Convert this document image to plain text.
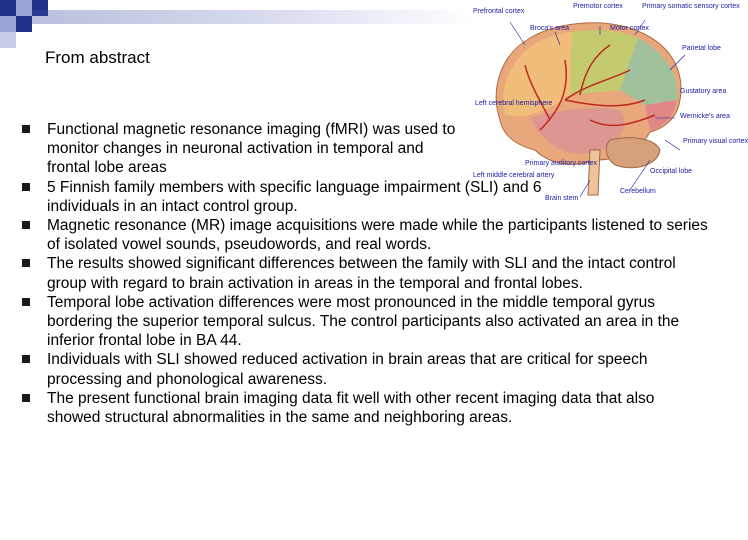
From abstract
Prefrontal cortex
Premotor cortex	Primary somatic sensory cortex
Broca's area	Motor cortex
Parietal lobe
Gustatory area
Wernicke's area
Primary visual cortex
Left cerebral hemisphere
Primary auditory cortex
Left middle cerebral artery
Occipital lobe
Cerebellum
Brain stem
Functional magnetic resonance imaging (fMRI) was used to monitor changes in neuronal activation in temporal and frontal lobe areas
5 Finnish family members with specific language impairment (SLI) and 6 individuals in an intact control group.
Magnetic resonance (MR) image acquisitions were made while the participants listened to series of isolated vowel sounds, pseudowords, and real words.
The results showed significant differences between the family with SLI and the intact control group with regard to brain activation in areas in the temporal and frontal lobes.
Temporal lobe activation differences were most pronounced in the middle temporal gyrus bordering the superior temporal sulcus. The control participants also activated an area in the inferior frontal lobe in BA 44.
Individuals with SLI showed reduced activation in brain areas that are critical for speech processing and phonological awareness.
The present functional brain imaging data fit well with other recent imaging data that also showed structural abnormalities in the same and neighboring areas.
